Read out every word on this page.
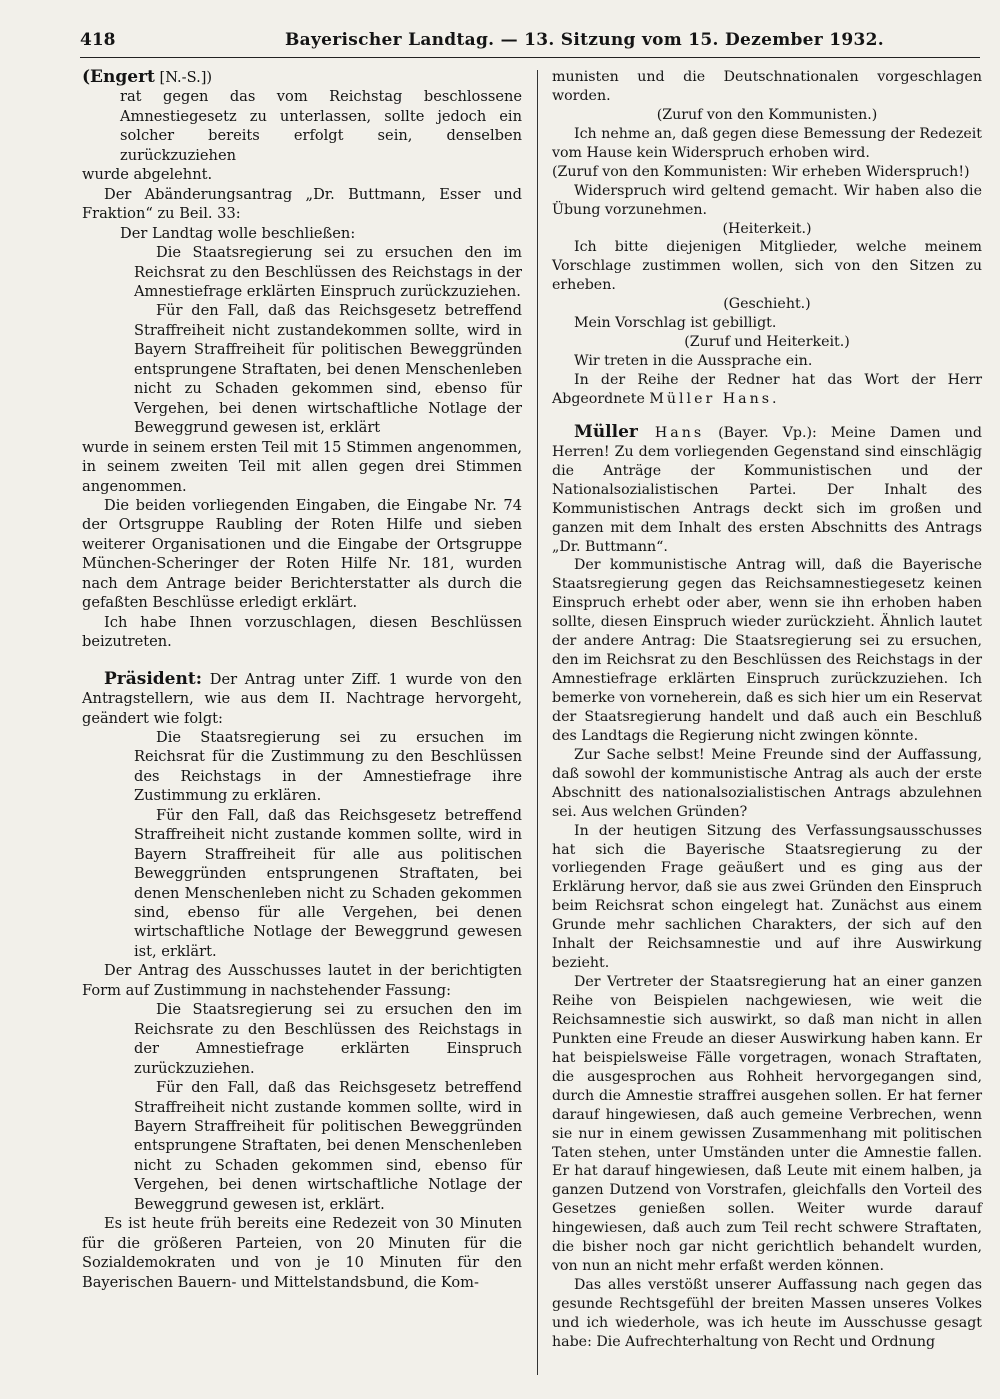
418	Bayerischer Landtag. — 13. Sitzung vom 15. Dezember 1932.

(Engert [N.-S.])

rat gegen das vom Reichstag beschlossene Amnestiegesetz zu unterlassen, sollte jedoch ein solcher bereits erfolgt sein, denselben zurückzuziehen

wurde abgelehnt.

Der Abänderungsantrag „Dr. Buttmann, Esser und Fraktion“ zu Beil. 33:

Der Landtag wolle beschließen:

Die Staatsregierung sei zu ersuchen den im Reichsrat zu den Beschlüssen des Reichstags in der Amnestiefrage erklärten Einspruch zurückzuziehen.

Für den Fall, daß das Reichsgesetz betreffend Straffreiheit nicht zustandekommen sollte, wird in Bayern Straffreiheit für politischen Beweggründen entsprungene Straftaten, bei denen Menschenleben nicht zu Schaden gekommen sind, ebenso für Vergehen, bei denen wirtschaftliche Notlage der Beweggrund gewesen ist, erklärt

wurde in seinem ersten Teil mit 15 Stimmen angenommen, in seinem zweiten Teil mit allen gegen drei Stimmen angenommen.

Die beiden vorliegenden Eingaben, die Eingabe Nr. 74 der Ortsgruppe Raubling der Roten Hilfe und sieben weiterer Organisationen und die Eingabe der Ortsgruppe München-Scheringer der Roten Hilfe Nr. 181, wurden nach dem Antrage beider Berichterstatter als durch die gefaßten Beschlüsse erledigt erklärt.

Ich habe Ihnen vorzuschlagen, diesen Beschlüssen beizutreten.

Präsident: Der Antrag unter Ziff. 1 wurde von den Antragstellern, wie aus dem II. Nachtrage hervorgeht, geändert wie folgt:

Die Staatsregierung sei zu ersuchen im Reichsrat für die Zustimmung zu den Beschlüssen des Reichstags in der Amnestiefrage ihre Zustimmung zu erklären.

Für den Fall, daß das Reichsgesetz betreffend Straffreiheit nicht zustande kommen sollte, wird in Bayern Straffreiheit für alle aus politischen Beweggründen entsprungenen Straftaten, bei denen Menschenleben nicht zu Schaden gekommen sind, ebenso für alle Vergehen, bei denen wirtschaftliche Notlage der Beweggrund gewesen ist, erklärt.

Der Antrag des Ausschusses lautet in der berichtigten Form auf Zustimmung in nachstehender Fassung:

Die Staatsregierung sei zu ersuchen den im Reichsrate zu den Beschlüssen des Reichstags in der Amnestiefrage erklärten Einspruch zurückzuziehen.

Für den Fall, daß das Reichsgesetz betreffend Straffreiheit nicht zustande kommen sollte, wird in Bayern Straffreiheit für politischen Beweggründen entsprungene Straftaten, bei denen Menschenleben nicht zu Schaden gekommen sind, ebenso für Vergehen, bei denen wirtschaftliche Notlage der Beweggrund gewesen ist, erklärt.

Es ist heute früh bereits eine Redezeit von 30 Minuten für die größeren Parteien, von 20 Minuten für die Sozialdemokraten und von je 10 Minuten für den Bayerischen Bauern- und Mittelstandsbund, die Kom-

munisten und die Deutschnationalen vorgeschlagen worden.

(Zuruf von den Kommunisten.)

Ich nehme an, daß gegen diese Bemessung der Redezeit vom Hause kein Widerspruch erhoben wird.

(Zuruf von den Kommunisten: Wir erheben Widerspruch!)

Widerspruch wird geltend gemacht. Wir haben also die Übung vorzunehmen.

(Heiterkeit.)

Ich bitte diejenigen Mitglieder, welche meinem Vorschlage zustimmen wollen, sich von den Sitzen zu erheben.

(Geschieht.)

Mein Vorschlag ist gebilligt.

(Zuruf und Heiterkeit.)

Wir treten in die Aussprache ein.

In der Reihe der Redner hat das Wort der Herr Abgeordnete Müller Hans.

Müller Hans (Bayer. Vp.): Meine Damen und Herren! Zu dem vorliegenden Gegenstand sind einschlägig die Anträge der Kommunistischen und der Nationalsozialistischen Partei. Der Inhalt des Kommunistischen Antrags deckt sich im großen und ganzen mit dem Inhalt des ersten Abschnitts des Antrags „Dr. Buttmann“.

Der kommunistische Antrag will, daß die Bayerische Staatsregierung gegen das Reichsamnestiegesetz keinen Einspruch erhebt oder aber, wenn sie ihn erhoben haben sollte, diesen Einspruch wieder zurückzieht. Ähnlich lautet der andere Antrag: Die Staatsregierung sei zu ersuchen, den im Reichsrat zu den Beschlüssen des Reichstags in der Amnestiefrage erklärten Einspruch zurückzuziehen. Ich bemerke von vorneherein, daß es sich hier um ein Reservat der Staatsregierung handelt und daß auch ein Beschluß des Landtags die Regierung nicht zwingen könnte.

Zur Sache selbst! Meine Freunde sind der Auffassung, daß sowohl der kommunistische Antrag als auch der erste Abschnitt des nationalsozialistischen Antrags abzulehnen sei. Aus welchen Gründen?

In der heutigen Sitzung des Verfassungsausschusses hat sich die Bayerische Staatsregierung zu der vorliegenden Frage geäußert und es ging aus der Erklärung hervor, daß sie aus zwei Gründen den Einspruch beim Reichsrat schon eingelegt hat. Zunächst aus einem Grunde mehr sachlichen Charakters, der sich auf den Inhalt der Reichsamnestie und auf ihre Auswirkung bezieht.

Der Vertreter der Staatsregierung hat an einer ganzen Reihe von Beispielen nachgewiesen, wie weit die Reichsamnestie sich auswirkt, so daß man nicht in allen Punkten eine Freude an dieser Auswirkung haben kann. Er hat beispielsweise Fälle vorgetragen, wonach Straftaten, die ausgesprochen aus Rohheit hervorgegangen sind, durch die Amnestie straffrei ausgehen sollen. Er hat ferner darauf hingewiesen, daß auch gemeine Verbrechen, wenn sie nur in einem gewissen Zusammenhang mit politischen Taten stehen, unter Umständen unter die Amnestie fallen. Er hat darauf hingewiesen, daß Leute mit einem halben, ja ganzen Dutzend von Vorstrafen, gleichfalls den Vorteil des Gesetzes genießen sollen. Weiter wurde darauf hingewiesen, daß auch zum Teil recht schwere Straftaten, die bisher noch gar nicht gerichtlich behandelt wurden, von nun an nicht mehr erfaßt werden können.

Das alles verstößt unserer Auffassung nach gegen das gesunde Rechtsgefühl der breiten Massen unseres Volkes und ich wiederhole, was ich heute im Ausschusse gesagt habe: Die Aufrechterhaltung von Recht und Ordnung
